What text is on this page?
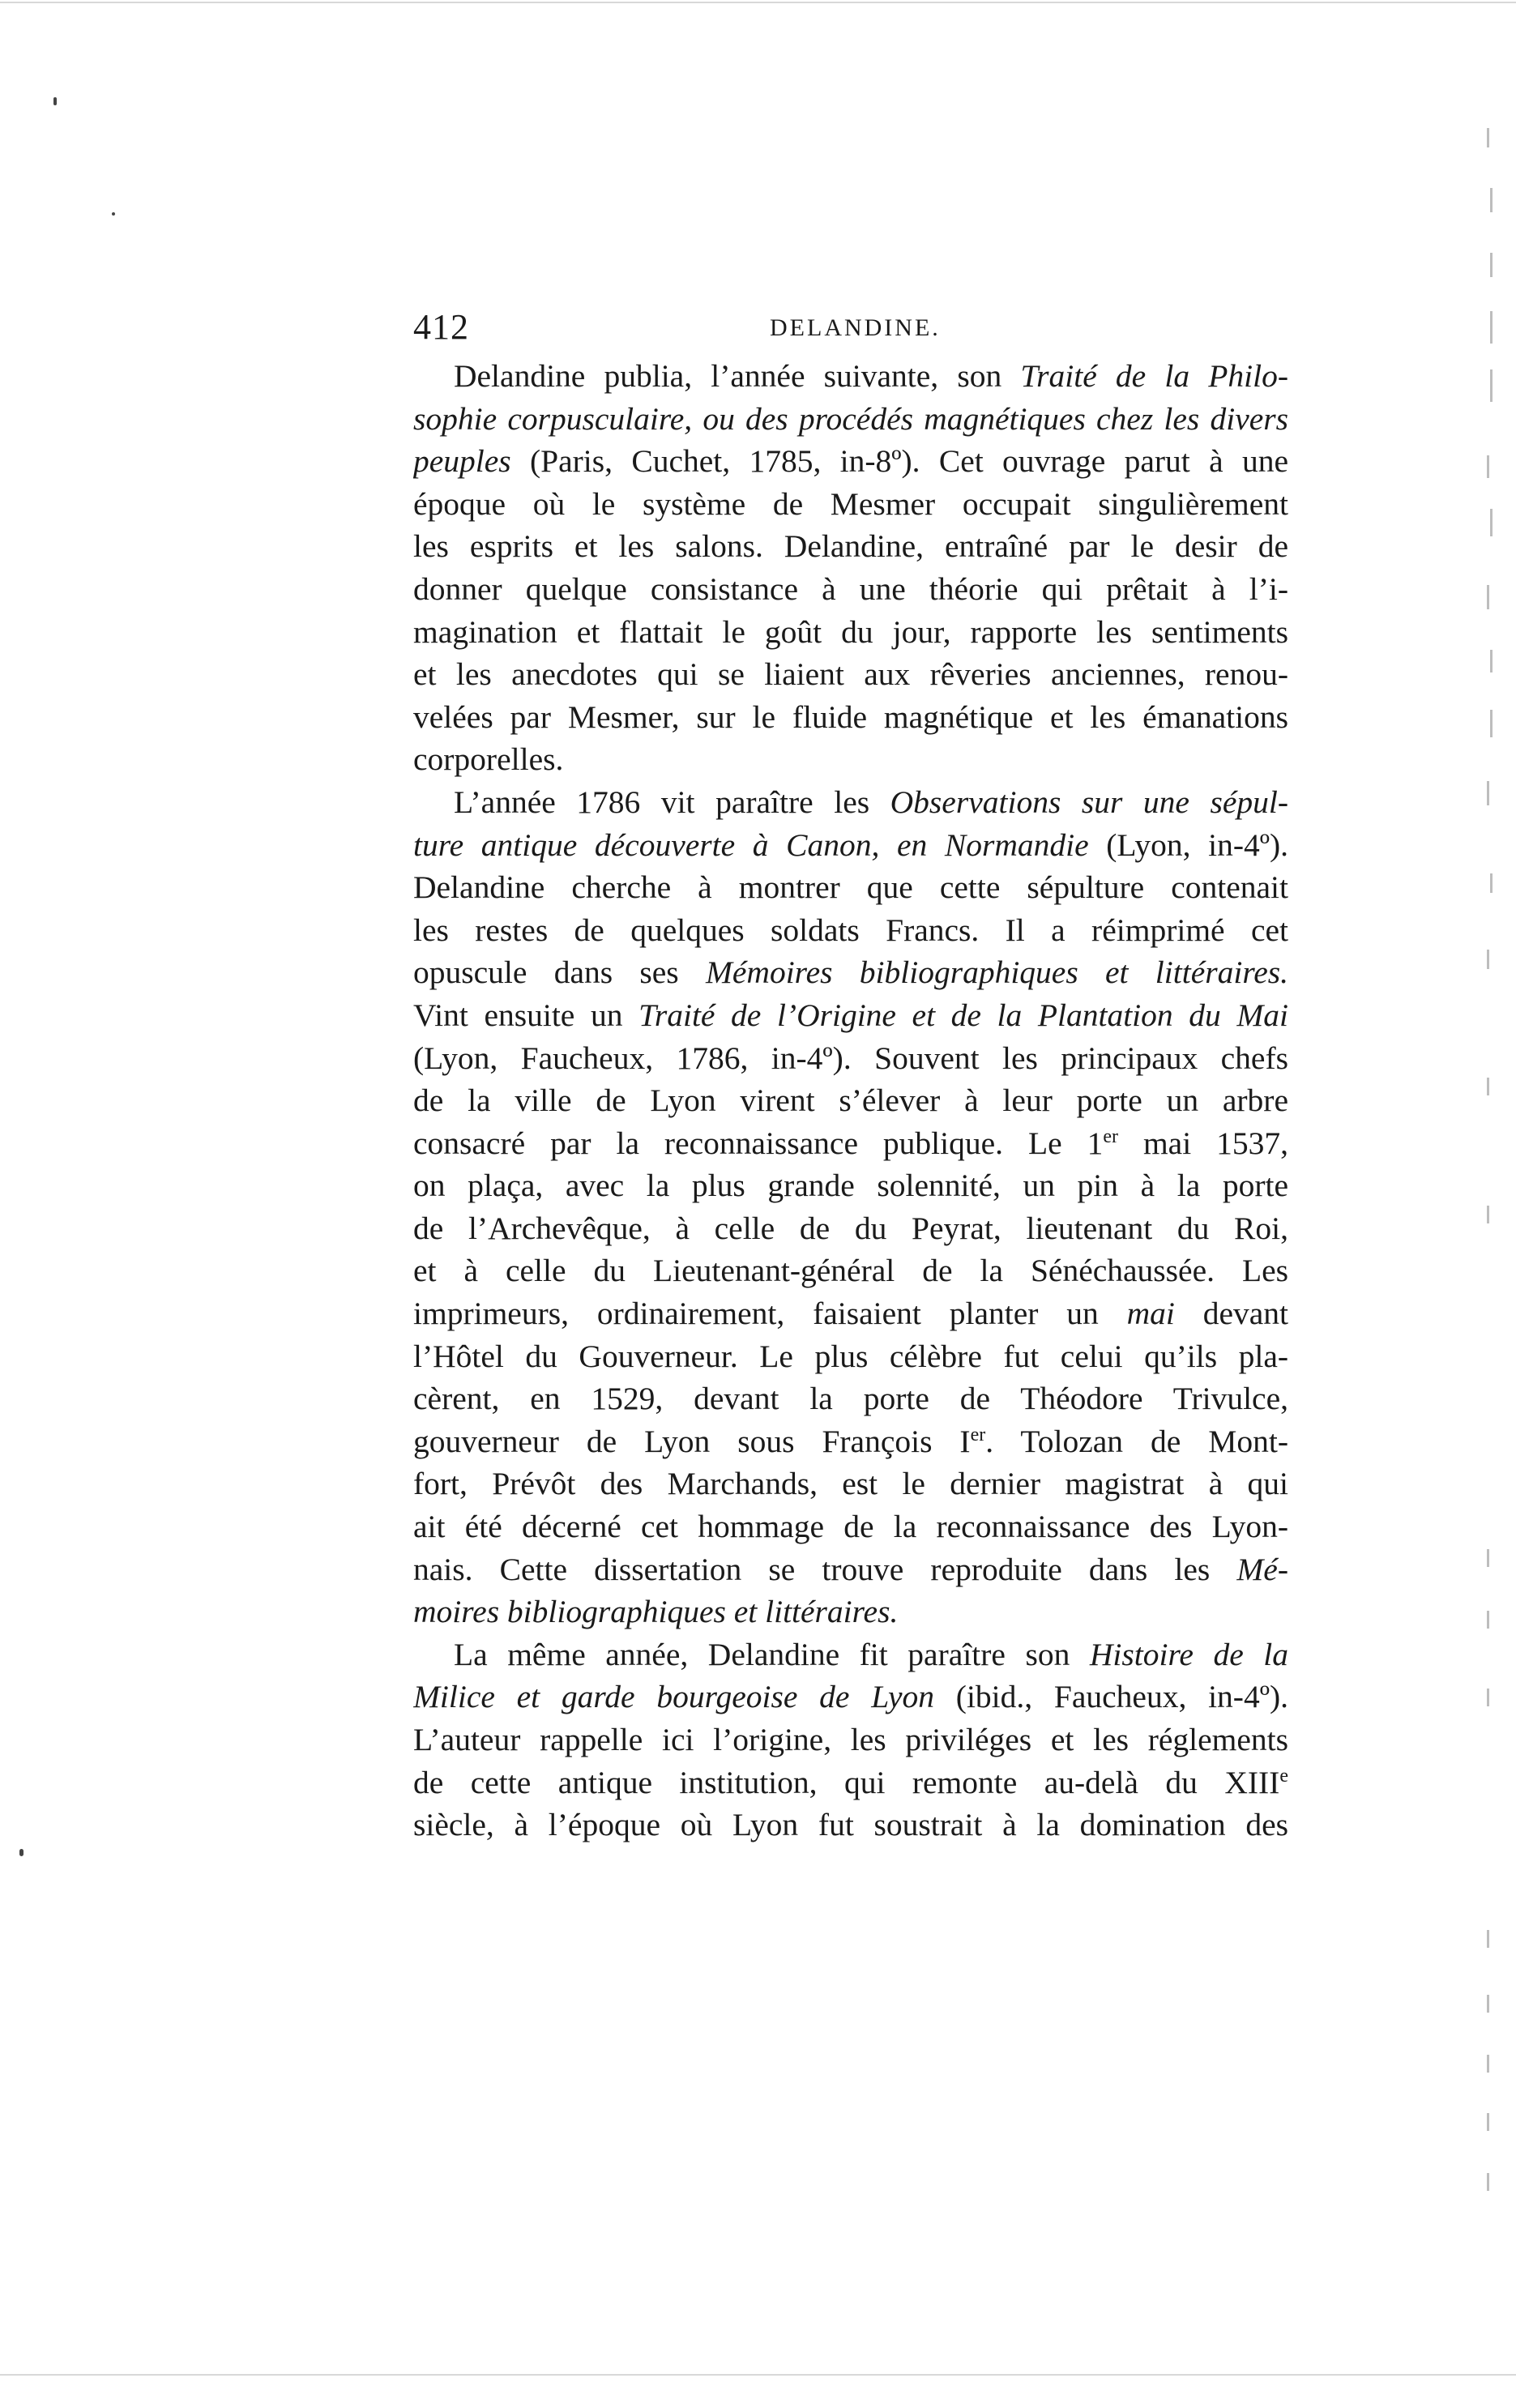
412	DELANDINE.
Delandine publia, l’année suivante, son Traité de la Philo-
sophie corpusculaire, ou des procédés magnétiques chez les divers
peuples (Paris, Cuchet, 1785, in-8º). Cet ouvrage parut à une
époque où le système de Mesmer occupait singulièrement
les esprits et les salons. Delandine, entraîné par le desir de
donner quelque consistance à une théorie qui prêtait à l’i-
magination et flattait le goût du jour, rapporte les sentiments
et les anecdotes qui se liaient aux rêveries anciennes, renou-
velées par Mesmer, sur le fluide magnétique et les émanations
corporelles.
L’année 1786 vit paraître les Observations sur une sépul-
ture antique découverte à Canon, en Normandie (Lyon, in-4º).
Delandine cherche à montrer que cette sépulture contenait
les restes de quelques soldats Francs. Il a réimprimé cet
opuscule dans ses Mémoires bibliographiques et littéraires.
Vint ensuite un Traité de l’Origine et de la Plantation du Mai
(Lyon, Faucheux, 1786, in-4º). Souvent les principaux chefs
de la ville de Lyon virent s’élever à leur porte un arbre
consacré par la reconnaissance publique. Le 1er mai 1537,
on plaça, avec la plus grande solennité, un pin à la porte
de l’Archevêque, à celle de du Peyrat, lieutenant du Roi,
et à celle du Lieutenant-général de la Sénéchaussée. Les
imprimeurs, ordinairement, faisaient planter un mai devant
l’Hôtel du Gouverneur. Le plus célèbre fut celui qu’ils pla-
cèrent, en 1529, devant la porte de Théodore Trivulce,
gouverneur de Lyon sous François Ier. Tolozan de Mont-
fort, Prévôt des Marchands, est le dernier magistrat à qui
ait été décerné cet hommage de la reconnaissance des Lyon-
nais. Cette dissertation se trouve reproduite dans les Mé-
moires bibliographiques et littéraires.
La même année, Delandine fit paraître son Histoire de la
Milice et garde bourgeoise de Lyon (ibid., Faucheux, in-4º).
L’auteur rappelle ici l’origine, les priviléges et les réglements
de cette antique institution, qui remonte au-delà du XIIIe
siècle, à l’époque où Lyon fut soustrait à la domination des
